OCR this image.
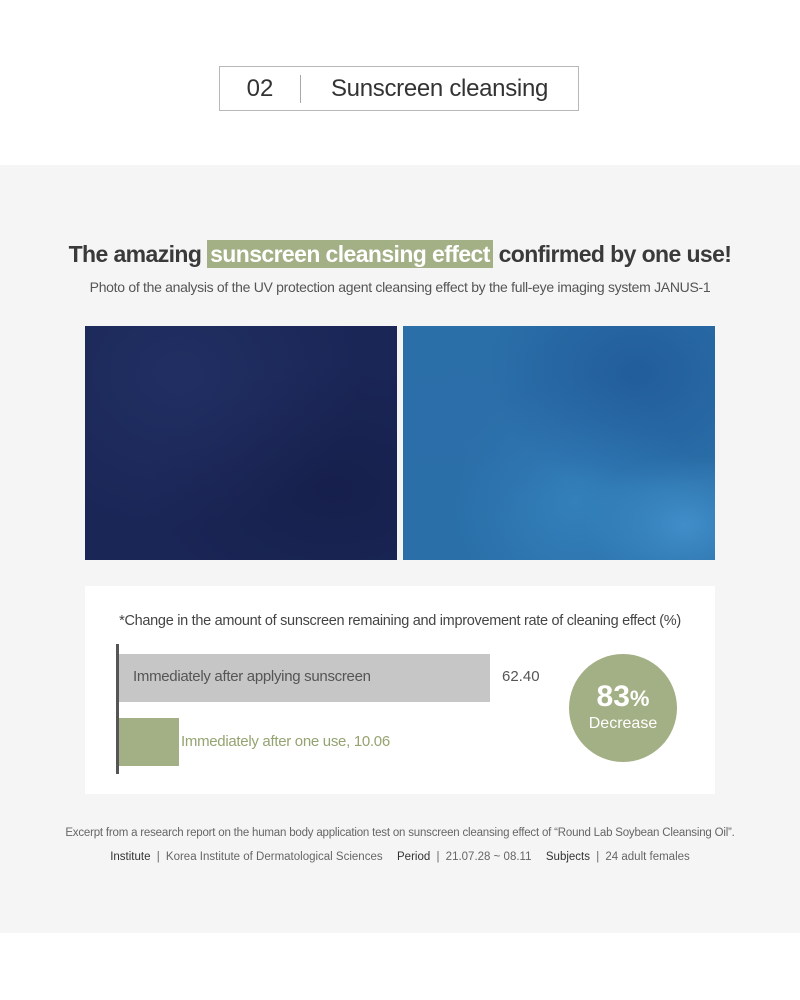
02	Sunscreen cleansing
The amazing sunscreen cleansing effect confirmed by one use!
Photo of the analysis of the UV protection agent cleansing effect by the full-eye imaging system JANUS-1
*Change in the amount of sunscreen remaining and improvement rate of cleaning effect (%)
Immediately after applying sunscreen	62.40
Immediately after one use, 10.06
83%
Decrease
Excerpt from a research report on the human body application test on sunscreen cleansing effect of “Round Lab Soybean Cleansing Oil”.
Institute | Korea Institute of Dermatological Sciences Period | 21.07.28 ~ 08.11 Subjects | 24 adult females
